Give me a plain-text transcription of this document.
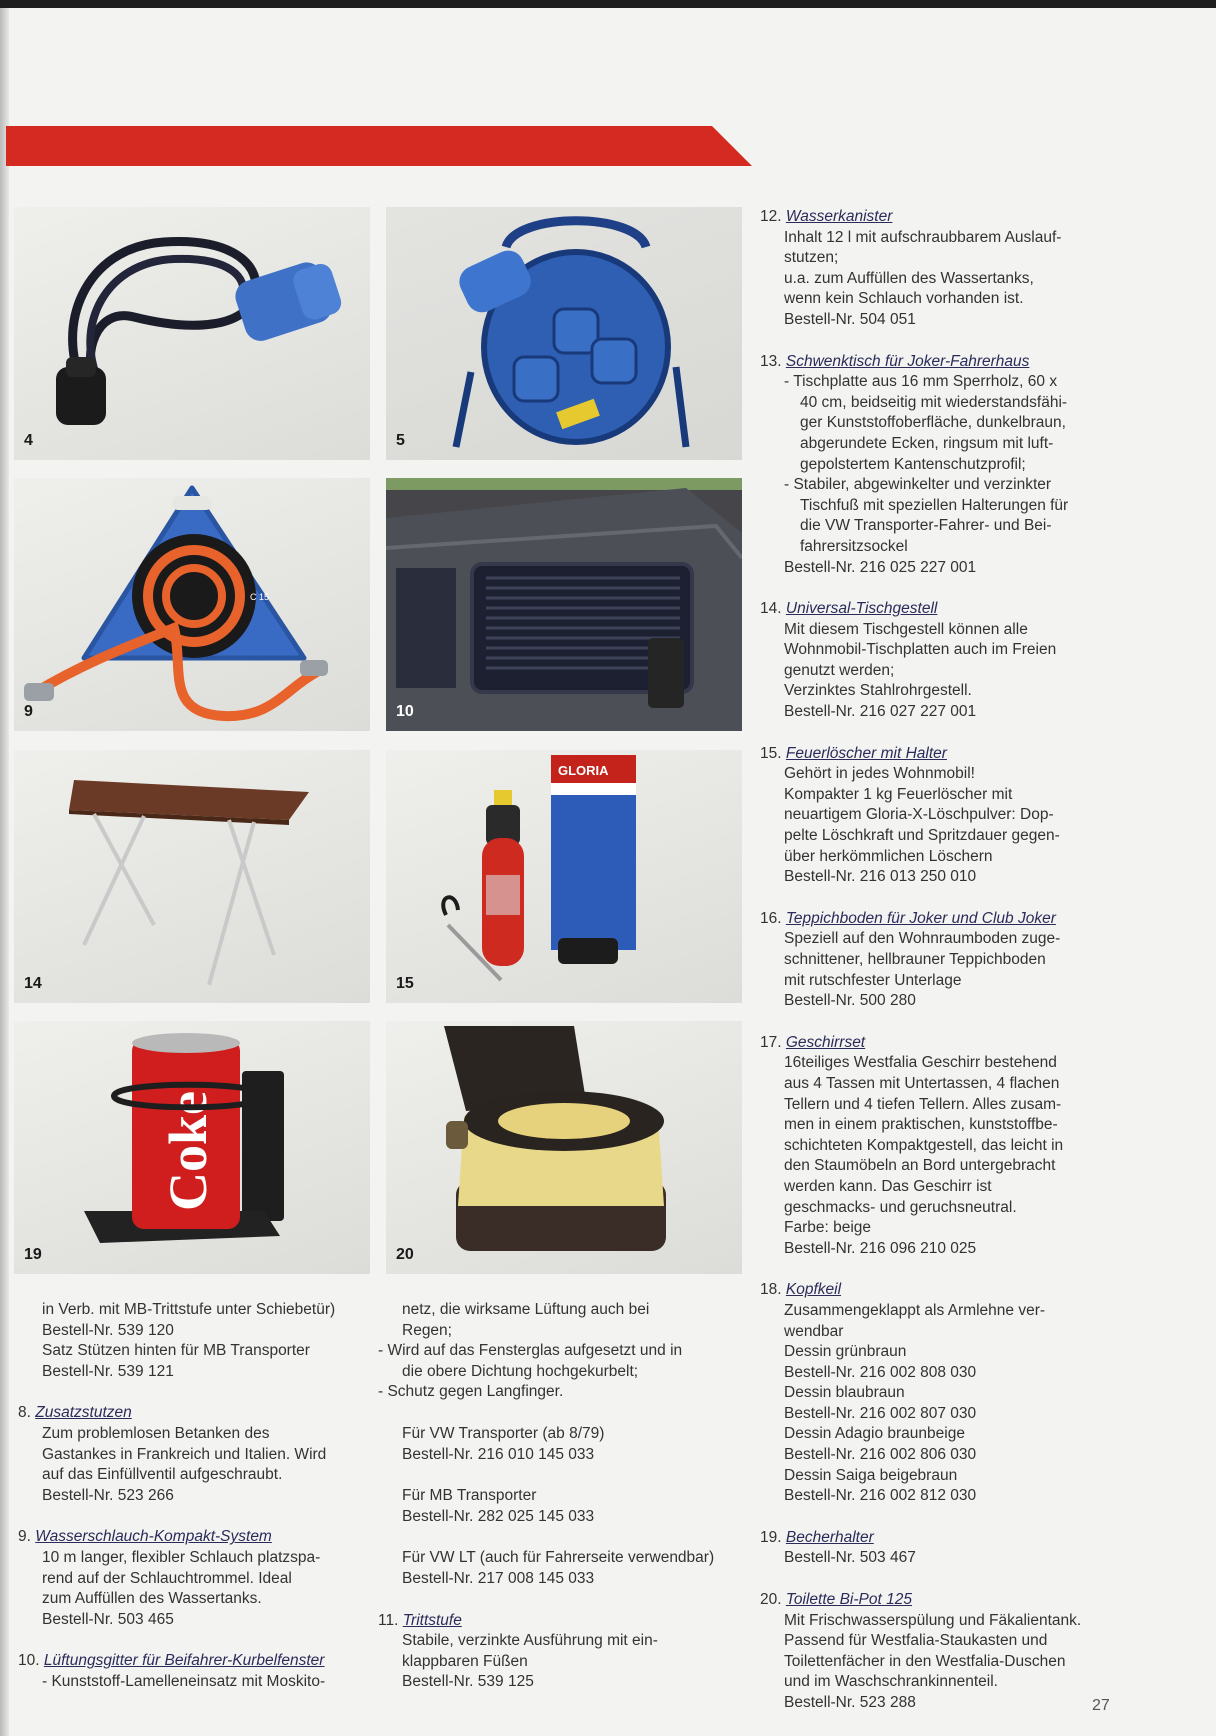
4	5
C 15
9	10
14
GLORIA
15
Coke
19	20
12. Wasserkanister
Inhalt 12 l mit aufschraubbarem Auslauf-
stutzen;
u.a. zum Auffüllen des Wassertanks,
wenn kein Schlauch vorhanden ist.
Bestell-Nr. 504 051
13. Schwenktisch für Joker-Fahrerhaus
- Tischplatte aus 16 mm Sperrholz, 60 x
40 cm, beidseitig mit wiederstandsfähi-
ger Kunststoffoberfläche, dunkelbraun,
abgerundete Ecken, ringsum mit luft-
gepolstertem Kantenschutzprofil;
- Stabiler, abgewinkelter und verzinkter
Tischfuß mit speziellen Halterungen für
die VW Transporter-Fahrer- und Bei-
fahrersitzsockel
Bestell-Nr. 216 025 227 001
14. Universal-Tischgestell
Mit diesem Tischgestell können alle
Wohnmobil-Tischplatten auch im Freien
genutzt werden;
Verzinktes Stahlrohrgestell.
Bestell-Nr. 216 027 227 001
15. Feuerlöscher mit Halter
Gehört in jedes Wohnmobil!
Kompakter 1 kg Feuerlöscher mit
neuartigem Gloria-X-Löschpulver: Dop-
pelte Löschkraft und Spritzdauer gegen-
über herkömmlichen Löschern
Bestell-Nr. 216 013 250 010
16. Teppichboden für Joker und Club Joker
Speziell auf den Wohnraumboden zuge-
schnittener, hellbrauner Teppichboden
mit rutschfester Unterlage
Bestell-Nr. 500 280
17. Geschirrset
16teiliges Westfalia Geschirr bestehend
aus 4 Tassen mit Untertassen, 4 flachen
Tellern und 4 tiefen Tellern. Alles zusam-
men in einem praktischen, kunststoffbe-
schichteten Kompaktgestell, das leicht in
den Staumöbeln an Bord untergebracht
werden kann. Das Geschirr ist
geschmacks- und geruchsneutral.
Farbe: beige
Bestell-Nr. 216 096 210 025
18. Kopfkeil
Zusammengeklappt als Armlehne ver-
wendbar
Dessin grünbraun
Bestell-Nr. 216 002 808 030
Dessin blaubraun
Bestell-Nr. 216 002 807 030
Dessin Adagio braunbeige
Bestell-Nr. 216 002 806 030
Dessin Saiga beigebraun
Bestell-Nr. 216 002 812 030
19. Becherhalter
Bestell-Nr. 503 467
20. Toilette Bi-Pot 125
Mit Frischwasserspülung und Fäkalientank.
Passend für Westfalia-Staukasten und
Toilettenfächer in den Westfalia-Duschen
und im Waschschrankinnenteil.
Bestell-Nr. 523 288
in Verb. mit MB-Trittstufe unter Schiebetür)
Bestell-Nr. 539 120
Satz Stützen hinten für MB Transporter
Bestell-Nr. 539 121
8. Zusatzstutzen
Zum problemlosen Betanken des
Gastankes in Frankreich und Italien. Wird
auf das Einfüllventil aufgeschraubt.
Bestell-Nr. 523 266
9. Wasserschlauch-Kompakt-System
10 m langer, flexibler Schlauch platzspa-
rend auf der Schlauchtrommel. Ideal
zum Auffüllen des Wassertanks.
Bestell-Nr. 503 465
10. Lüftungsgitter für Beifahrer-Kurbelfenster
- Kunststoff-Lamelleneinsatz mit Moskito-
netz, die wirksame Lüftung auch bei
Regen;
- Wird auf das Fensterglas aufgesetzt und in
die obere Dichtung hochgekurbelt;
- Schutz gegen Langfinger.
Für VW Transporter (ab 8/79)
Bestell-Nr. 216 010 145 033
Für MB Transporter
Bestell-Nr. 282 025 145 033
Für VW LT (auch für Fahrerseite verwendbar)
Bestell-Nr. 217 008 145 033
11. Trittstufe
Stabile, verzinkte Ausführung mit ein-
klappbaren Füßen
Bestell-Nr. 539 125
27
